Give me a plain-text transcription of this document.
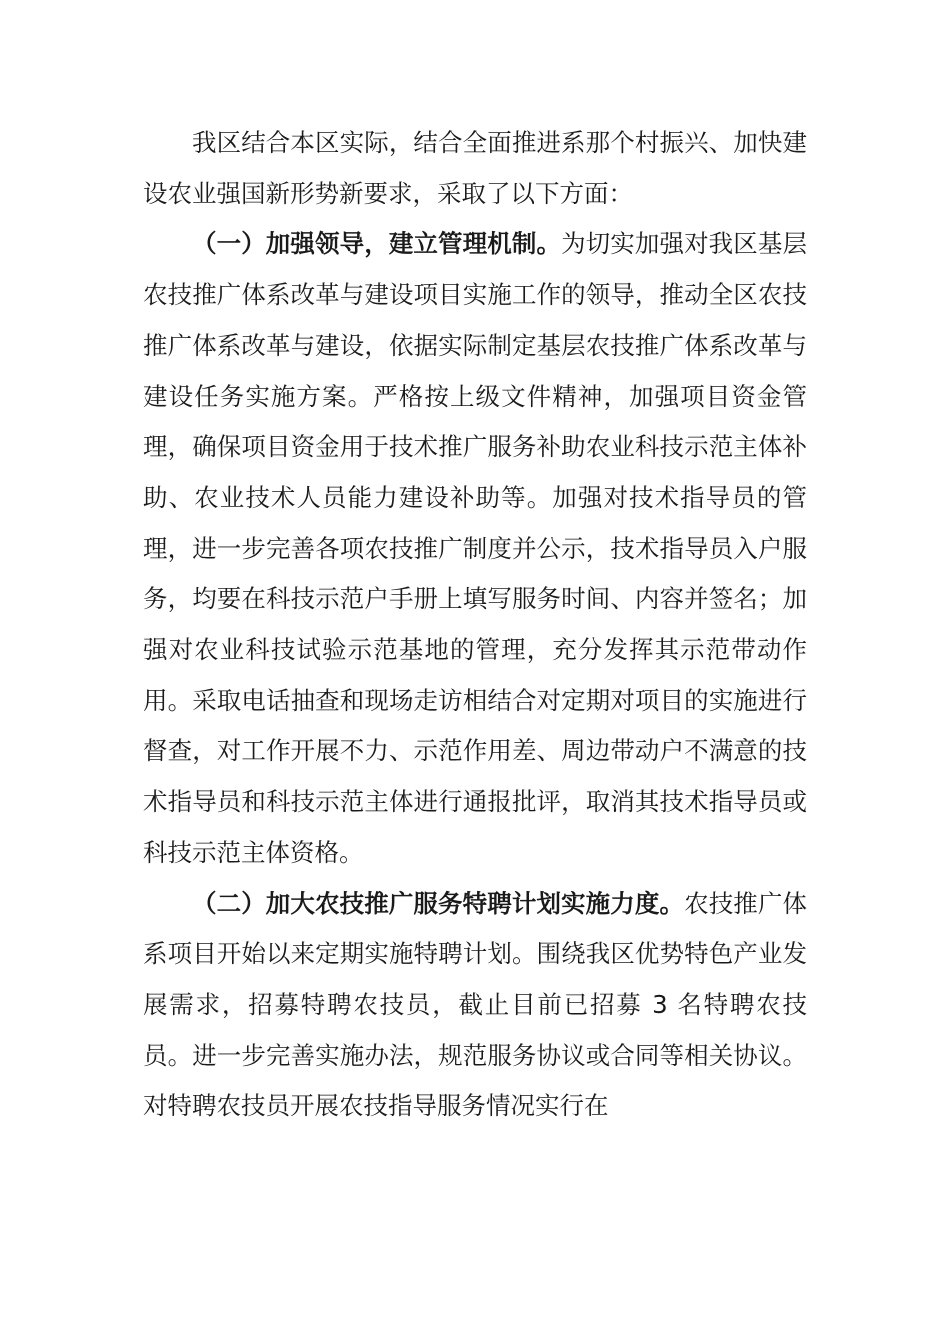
我区结合本区实际，结合全面推进系那个村振兴、加快建设农业强国新形势新要求，采取了以下方面：

（一）加强领导，建立管理机制。为切实加强对我区基层农技推广体系改革与建设项目实施工作的领导，推动全区农技推广体系改革与建设，依据实际制定基层农技推广体系改革与建设任务实施方案。严格按上级文件精神，加强项目资金管理，确保项目资金用于技术推广服务补助农业科技示范主体补助、农业技术人员能力建设补助等。加强对技术指导员的管理，进一步完善各项农技推广制度并公示，技术指导员入户服务，均要在科技示范户手册上填写服务时间、内容并签名；加强对农业科技试验示范基地的管理，充分发挥其示范带动作用。采取电话抽查和现场走访相结合对定期对项目的实施进行督查，对工作开展不力、示范作用差、周边带动户不满意的技术指导员和科技示范主体进行通报批评，取消其技术指导员或科技示范主体资格。

（二）加大农技推广服务特聘计划实施力度。农技推广体系项目开始以来定期实施特聘计划。围绕我区优势特色产业发展需求，招募特聘农技员，截止目前已招募 3 名特聘农技员。进一步完善实施办法，规范服务协议或合同等相关协议。对特聘农技员开展农技指导服务情况实行在
